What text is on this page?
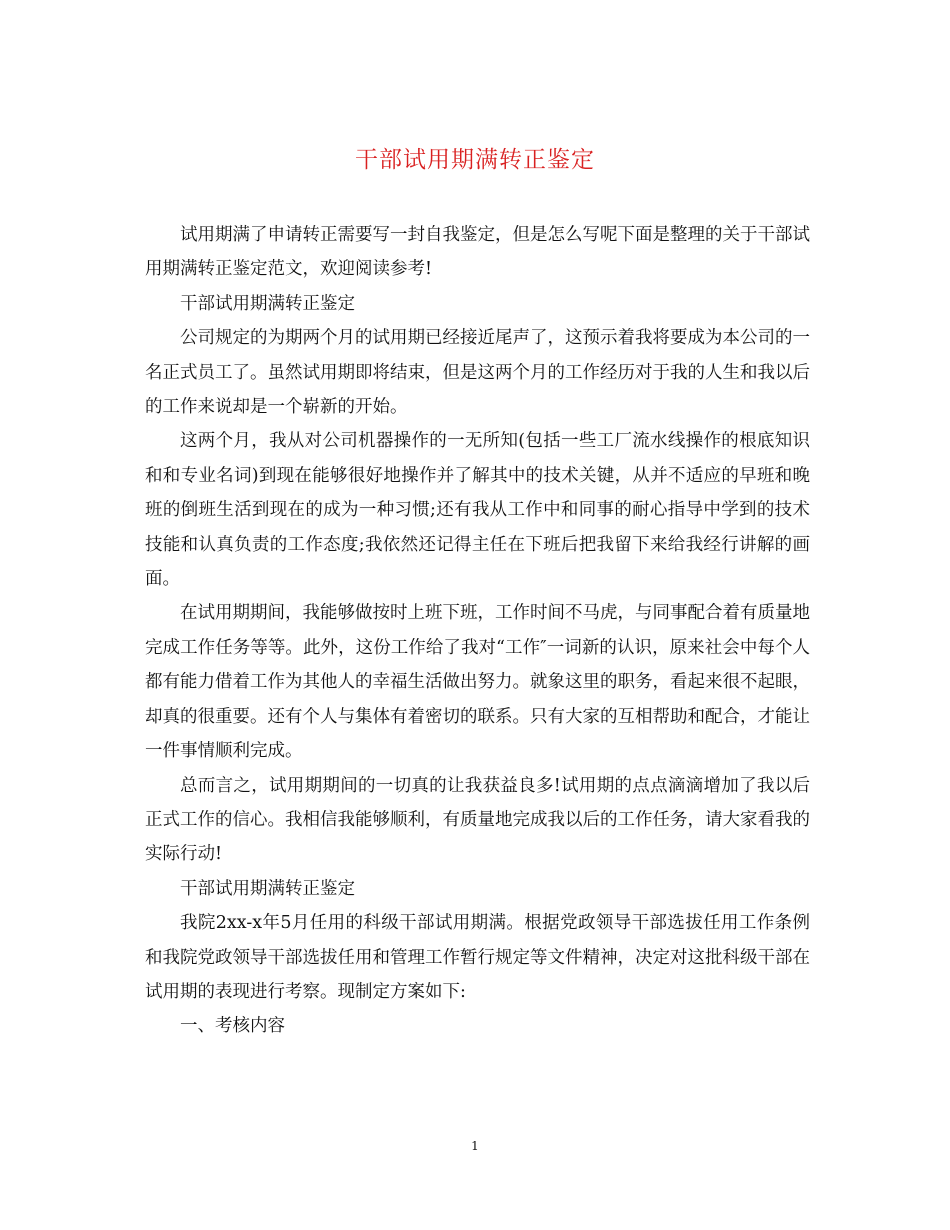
干部试用期满转正鉴定

试用期满了申请转正需要写一封自我鉴定，但是怎么写呢下面是整理的关于干部试用期满转正鉴定范文，欢迎阅读参考!

干部试用期满转正鉴定

公司规定的为期两个月的试用期已经接近尾声了，这预示着我将要成为本公司的一名正式员工了。虽然试用期即将结束，但是这两个月的工作经历对于我的人生和我以后的工作来说却是一个崭新的开始。

这两个月，我从对公司机器操作的一无所知(包括一些工厂流水线操作的根底知识和和专业名词)到现在能够很好地操作并了解其中的技术关键，从并不适应的早班和晚班的倒班生活到现在的成为一种习惯;还有我从工作中和同事的耐心指导中学到的技术技能和认真负责的工作态度;我依然还记得主任在下班后把我留下来给我经行讲解的画面。

在试用期期间，我能够做按时上班下班，工作时间不马虎，与同事配合着有质量地完成工作任务等等。此外，这份工作给了我对“工作″一词新的认识，原来社会中每个人都有能力借着工作为其他人的幸福生活做出努力。就象这里的职务，看起来很不起眼，却真的很重要。还有个人与集体有着密切的联系。只有大家的互相帮助和配合，才能让一件事情顺利完成。

总而言之，试用期期间的一切真的让我获益良多!试用期的点点滴滴增加了我以后正式工作的信心。我相信我能够顺利，有质量地完成我以后的工作任务，请大家看我的实际行动!

干部试用期满转正鉴定

我院2xx-x年5月任用的科级干部试用期满。根据党政领导干部选拔任用工作条例和我院党政领导干部选拔任用和管理工作暂行规定等文件精神，决定对这批科级干部在试用期的表现进行考察。现制定方案如下:

一、考核内容

1
